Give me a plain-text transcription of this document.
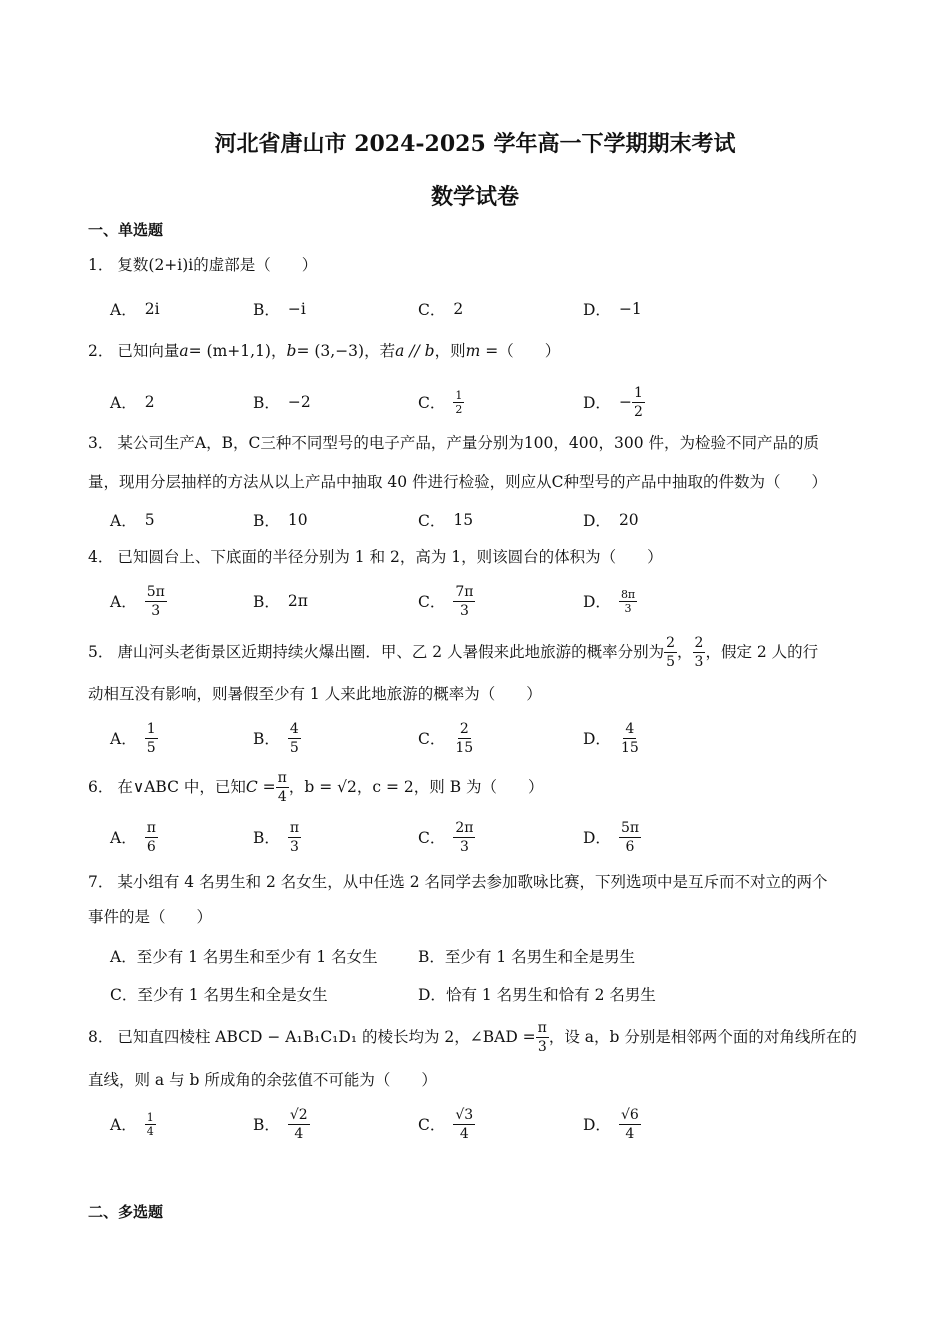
河北省唐山市 2024-2025 学年高一下学期期末考试
数学试卷
一、单选题
1． 复数(2+i)i的虚部是（　　）
A． 2i	B． −i	C． 2	D． −1
2． 已知向量a= (m+1,1)，b= (3,−3)，若a // b，则m =（　　）
A． 2	B． −2	C． $\frac{1}{2}$	D． − $\frac{1}{2}$
3． 某公司生产A，B，C三种不同型号的电子产品，产量分别为100，400，300 件，为检验不同产品的质
量，现用分层抽样的方法从以上产品中抽取 40 件进行检验，则应从C种型号的产品中抽取的件数为（　　）
A． 5	B． 10	C． 15	D． 20
4． 已知圆台上、下底面的半径分别为 1 和 2，高为 1，则该圆台的体积为（　　）
A． $\frac{5\pi}{3}$	B． 2π	C． $\frac{7\pi}{3}$	D． $\frac{8\pi}{3}$
5． 唐山河头老街景区近期持续火爆出圈．甲、乙 2 人暑假来此地旅游的概率分别为 $\frac{2}{5}$ ， $\frac{2}{3}$ ，假定 2 人的行
动相互没有影响，则暑假至少有 1 人来此地旅游的概率为（　　）
A． $\frac{1}{5}$	B． $\frac{4}{5}$	C． $\frac{2}{15}$	D． $\frac{4}{15}$
6． 在∨ABC 中，已知 $C = \frac{\pi}{4}$ ，b = √2，c = 2，则 B 为（　　）
A． $\frac{\pi}{6}$	B． $\frac{\pi}{3}$	C． $\frac{2\pi}{3}$	D． $\frac{5\pi}{6}$
7． 某小组有 4 名男生和 2 名女生，从中任选 2 名同学去参加歌咏比赛，下列选项中是互斥而不对立的两个
事件的是（　　）
A．至少有 1 名男生和至少有 1 名女生	B．至少有 1 名男生和全是男生
C．至少有 1 名男生和全是女生	D．恰有 1 名男生和恰有 2 名男生
8． 已知直四棱柱 ABCD − A₁B₁C₁D₁ 的棱长均为 2，∠BAD = $\frac{\pi}{3}$ ，设 a，b 分别是相邻两个面的对角线所在的
直线，则 a 与 b 所成角的余弦值不可能为（　　）
A． $\frac{1}{4}$	B． $\frac{√2}{4}$	C． $\frac{√3}{4}$	D． $\frac{√6}{4}$
二、多选题
